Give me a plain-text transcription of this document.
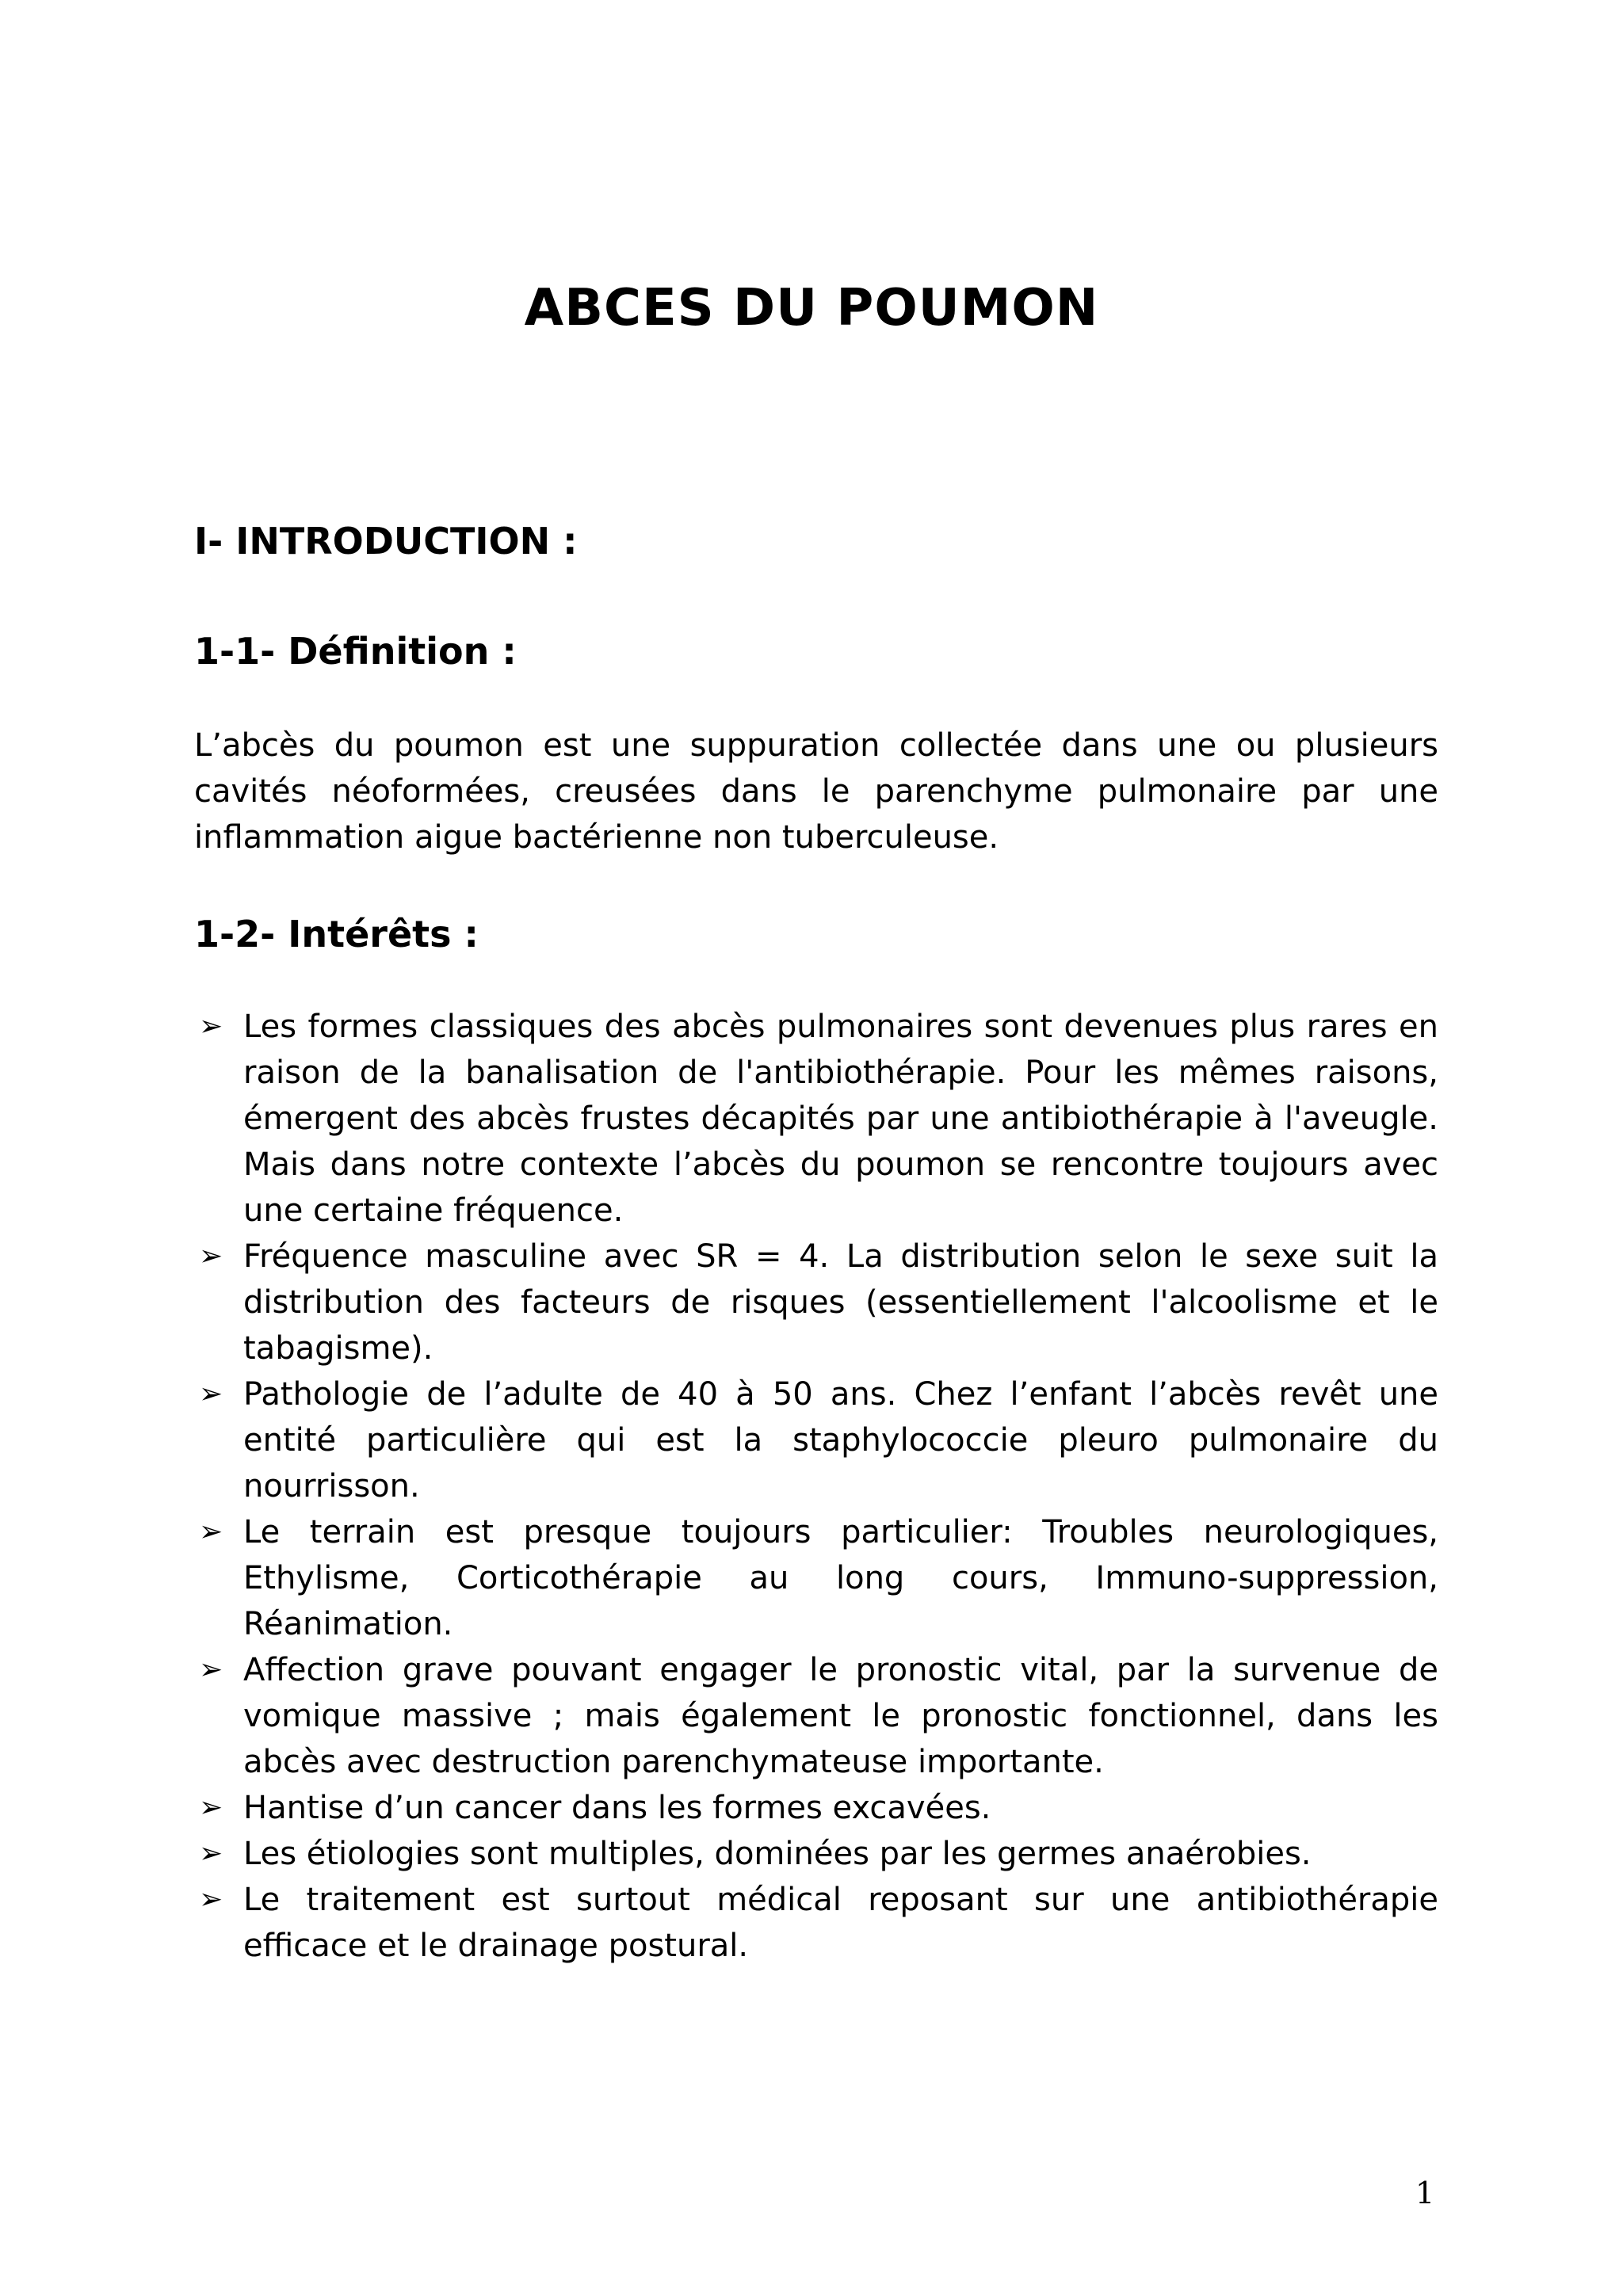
ABCES DU POUMON
I- INTRODUCTION :
1-1- Définition :

L’abcès du poumon est une suppuration collectée dans une ou plusieurs cavités néoformées, creusées dans le parenchyme pulmonaire par une inflammation aigue bactérienne non tuberculeuse.

1-2- Intérêts :
➢ Les formes classiques des abcès pulmonaires sont devenues plus rares en raison de la banalisation de l'antibiothérapie. Pour les mêmes raisons, émergent des abcès frustes décapités par une antibiothérapie à l'aveugle. Mais dans notre contexte l’abcès du poumon se rencontre toujours avec une certaine fréquence.
➢ Fréquence masculine avec SR = 4. La distribution selon le sexe suit la distribution des facteurs de risques (essentiellement l'alcoolisme et le tabagisme).
➢ Pathologie de l’adulte de 40 à 50 ans. Chez l’enfant l’abcès revêt une entité particulière qui est la staphylococcie pleuro pulmonaire du nourrisson.
➢ Le terrain est presque toujours particulier: Troubles neurologiques, Ethylisme, Corticothérapie au long cours, Immuno-suppression, Réanimation.
➢ Affection grave pouvant engager le pronostic vital, par la survenue de vomique massive ; mais également le pronostic fonctionnel, dans les abcès avec destruction parenchymateuse importante.
➢ Hantise d’un cancer dans les formes excavées.
➢ Les étiologies sont multiples, dominées par les germes anaérobies.
➢ Le traitement est surtout médical reposant sur une antibiothérapie efficace et le drainage postural.

1
